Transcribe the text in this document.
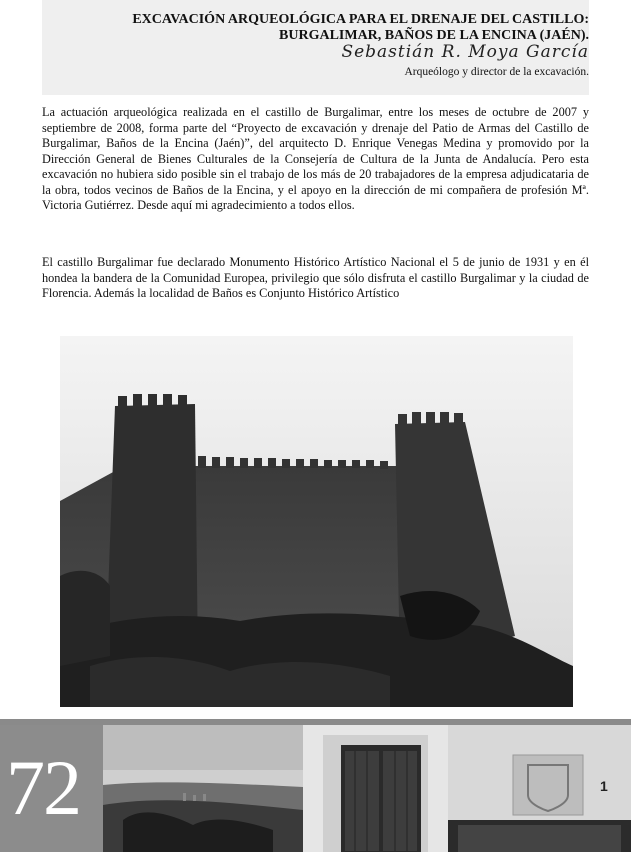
EXCAVACIÓN ARQUEOLÓGICA PARA EL DRENAJE DEL CASTILLO:
BURGALIMAR, BAÑOS DE LA ENCINA (JAÉN).
Sebastián R. Moya García
Arqueólogo y director de la excavación.

La actuación arqueológica realizada en el castillo de Burgalimar, entre los meses de octubre de 2007 y septiembre de 2008, forma parte del “Proyecto de excavación y drenaje del Patio de Armas del Castillo de Burgalimar, Baños de la Encina (Jaén)”, del arquitecto D. Enrique Venegas Medina y promovido por la Dirección General de Bienes Culturales de la Consejería de Cultura de la Junta de Andalucía. Pero esta excavación no hubiera sido posible sin el trabajo de los más de 20 trabajadores de la empresa adjudicataria de la obra, todos vecinos de Baños de la Encina, y el apoyo en la dirección de mi compañera de profesión Mª. Victoria Gutiérrez. Desde aquí mi agradecimiento a todos ellos.

El castillo Burgalimar fue declarado Monumento Histórico Artístico Nacional el 5 de junio de 1931 y en él hondea la bandera de la Comunidad Europea, privilegio que sólo disfruta el castillo Burgalimar y la ciudad de Florencia. Además la localidad de Baños es Conjunto Histórico Artístico

72	1
